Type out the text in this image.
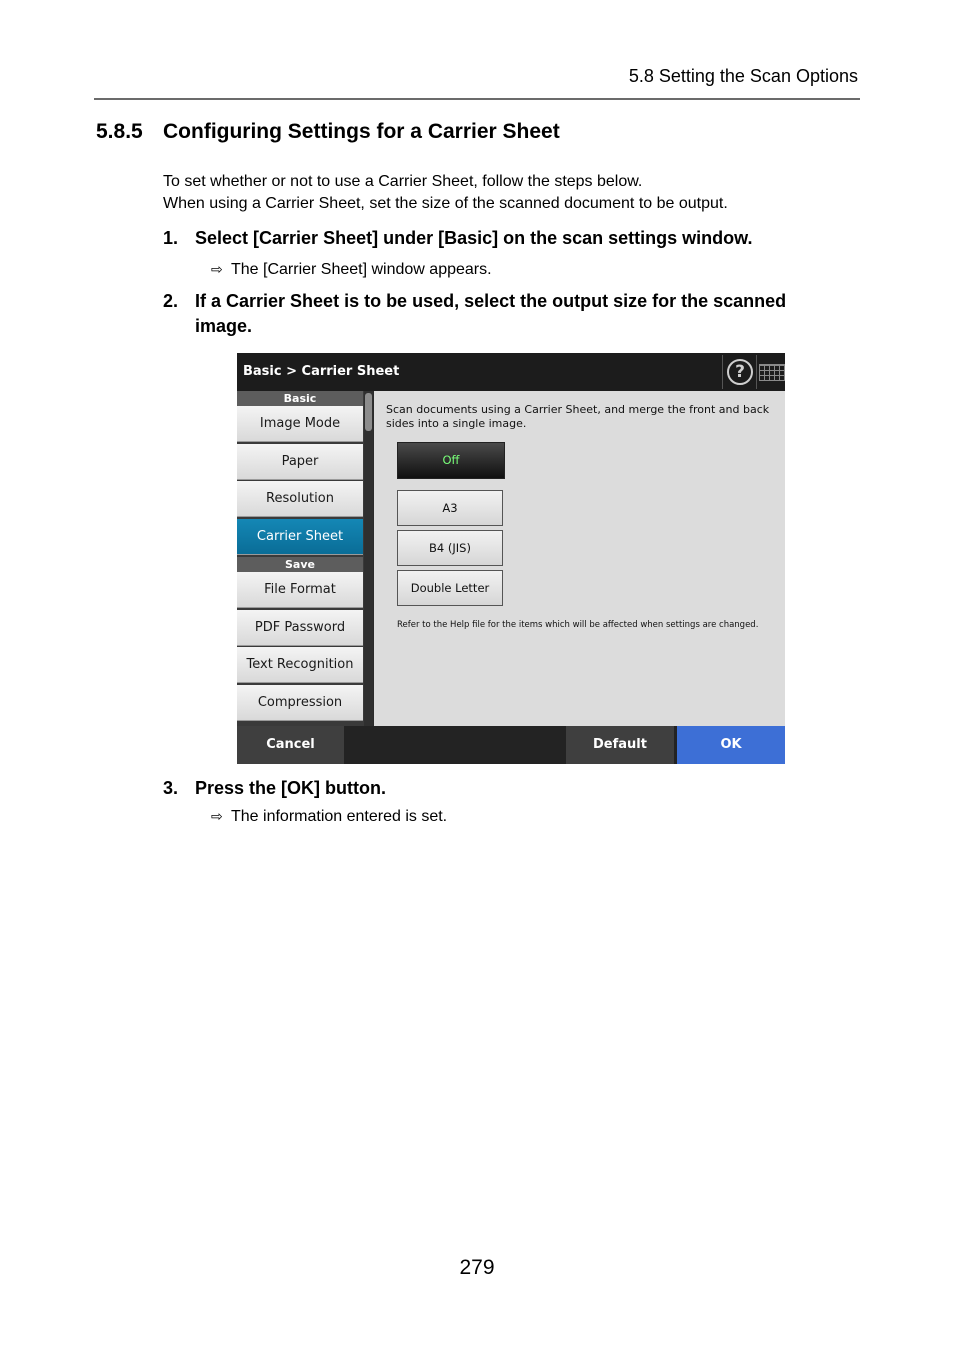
5.8 Setting the Scan Options
5.8.5 Configuring Settings for a Carrier Sheet
To set whether or not to use a Carrier Sheet, follow the steps below.
When using a Carrier Sheet, set the size of the scanned document to be output.
1. Select [Carrier Sheet] under [Basic] on the scan settings window.
⇨ The [Carrier Sheet] window appears.
2. If a Carrier Sheet is to be used, select the output size for the scanned image.
Basic > Carrier Sheet	?
Basic
Image Mode
Paper
Resolution
Carrier Sheet
Save
File Format
PDF Password
Text Recognition
Compression
Scan documents using a Carrier Sheet, and merge the front and back sides into a single image.
Off
A3
B4 (JIS)
Double Letter
Refer to the Help file for the items which will be affected when settings are changed.
Cancel	Default	OK
3. Press the [OK] button.
⇨ The information entered is set.
279
